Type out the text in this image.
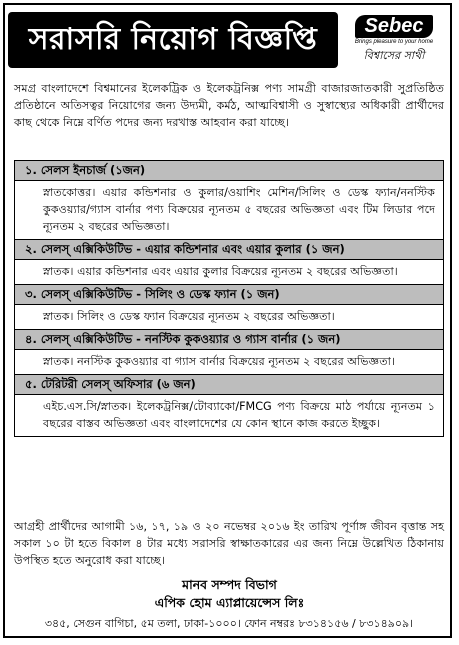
সরাসরি নিয়োগ বিজ্ঞপ্তি	Sebec
Brings pleasure to your home
বিশ্বাসের সাথী
সমগ্র বাংলাদেশে বিশ্বমানের ইলেকট্রিক ও ইলেকট্রনিক্স পণ্য সামগ্রী বাজারজাতকারী সুপ্রতিষ্ঠিত প্রতিষ্ঠানে অতিসত্বর নিয়োগের জন্য উদ্যমী, কর্মঠ, আত্মবিশ্বাসী ও সুস্বাস্থ্যের অধিকারী প্রার্থীদের কাছ থেকে নিম্নে বর্ণিত পদের জন্য দরখাস্ত আহবান করা যাচ্ছে।
১. সেলস ইনচার্জ (১জন)
স্নাতকোত্তর। এয়ার কন্ডিশনার ও কুলার/ওয়াশিং মেশিন/সিলিং ও ডেস্ক ফ্যান/ননস্টিক কুকওয়্যার/গ্যাস বার্নার পণ্য বিক্রয়ের ন্যূনতম ৫ বছরের অভিজ্ঞতা এবং টিম লিডার পদে ন্যূনতম ২ বছরের অভিজ্ঞতা।
২. সেলস্ এক্সিকিউটিভ - এয়ার কন্ডিশনার এবং এয়ার কুলার (১ জন)
স্নাতক। এয়ার কন্ডিশনার এবং এয়ার কুলার বিক্রয়ের ন্যূনতম ২ বছরের অভিজ্ঞতা।
৩. সেলস্ এক্সিকিউটিভ - সিলিং ও ডেস্ক ফ্যান (১ জন)
স্নাতক। সিলিং ও ডেস্ক ফ্যান বিক্রয়ের ন্যূনতম ২ বছরের অভিজ্ঞতা।
৪. সেলস্ এক্সিকিউটিভ - ননস্টিক কুকওয়্যার ও গ্যাস বার্নার (১ জন)
স্নাতক। ননস্টিক কুকওয়্যার বা গ্যাস বার্নার বিক্রয়ের ন্যূনতম ২ বছরের অভিজ্ঞতা।
৫. টেরিটরী সেলস্ অফিসার (৬ জন)
এইচ.এস.সি/স্নাতক। ইলেকট্রনিক্স/টোব্যাকো/FMCG পণ্য বিক্রয়ে মাঠ পর্যায়ে ন্যূনতম ১ বছরের বাস্তব অভিজ্ঞতা এবং বাংলাদেশের যে কোন স্থানে কাজ করতে ইচ্ছুক।
আগ্রহী প্রার্থীদের আগামী ১৬, ১৭, ১৯ ও ২০ নভেম্বর ২০১৬ ইং তারিখ পূর্ণাঙ্গ জীবন বৃত্তান্ত সহ সকাল ১০ টা হতে বিকাল ৪ টার মধ্যে সরাসরি স্বাক্ষাতকারের এর জন্য নিম্নে উল্লেখিত ঠিকানায় উপস্থিত হতে অনুরোধ করা যাচ্ছে।
মানব সম্পদ বিভাগ
এপিক হোম এ্যাপ্লায়েন্সেস লিঃ
৩৪৫, সেগুন বাগিচা, ৫ম তলা, ঢাকা-১০০০। ফোন নম্বরঃ ৮৩১৪১৫৬ / ৮৩১৪৯০৯।
